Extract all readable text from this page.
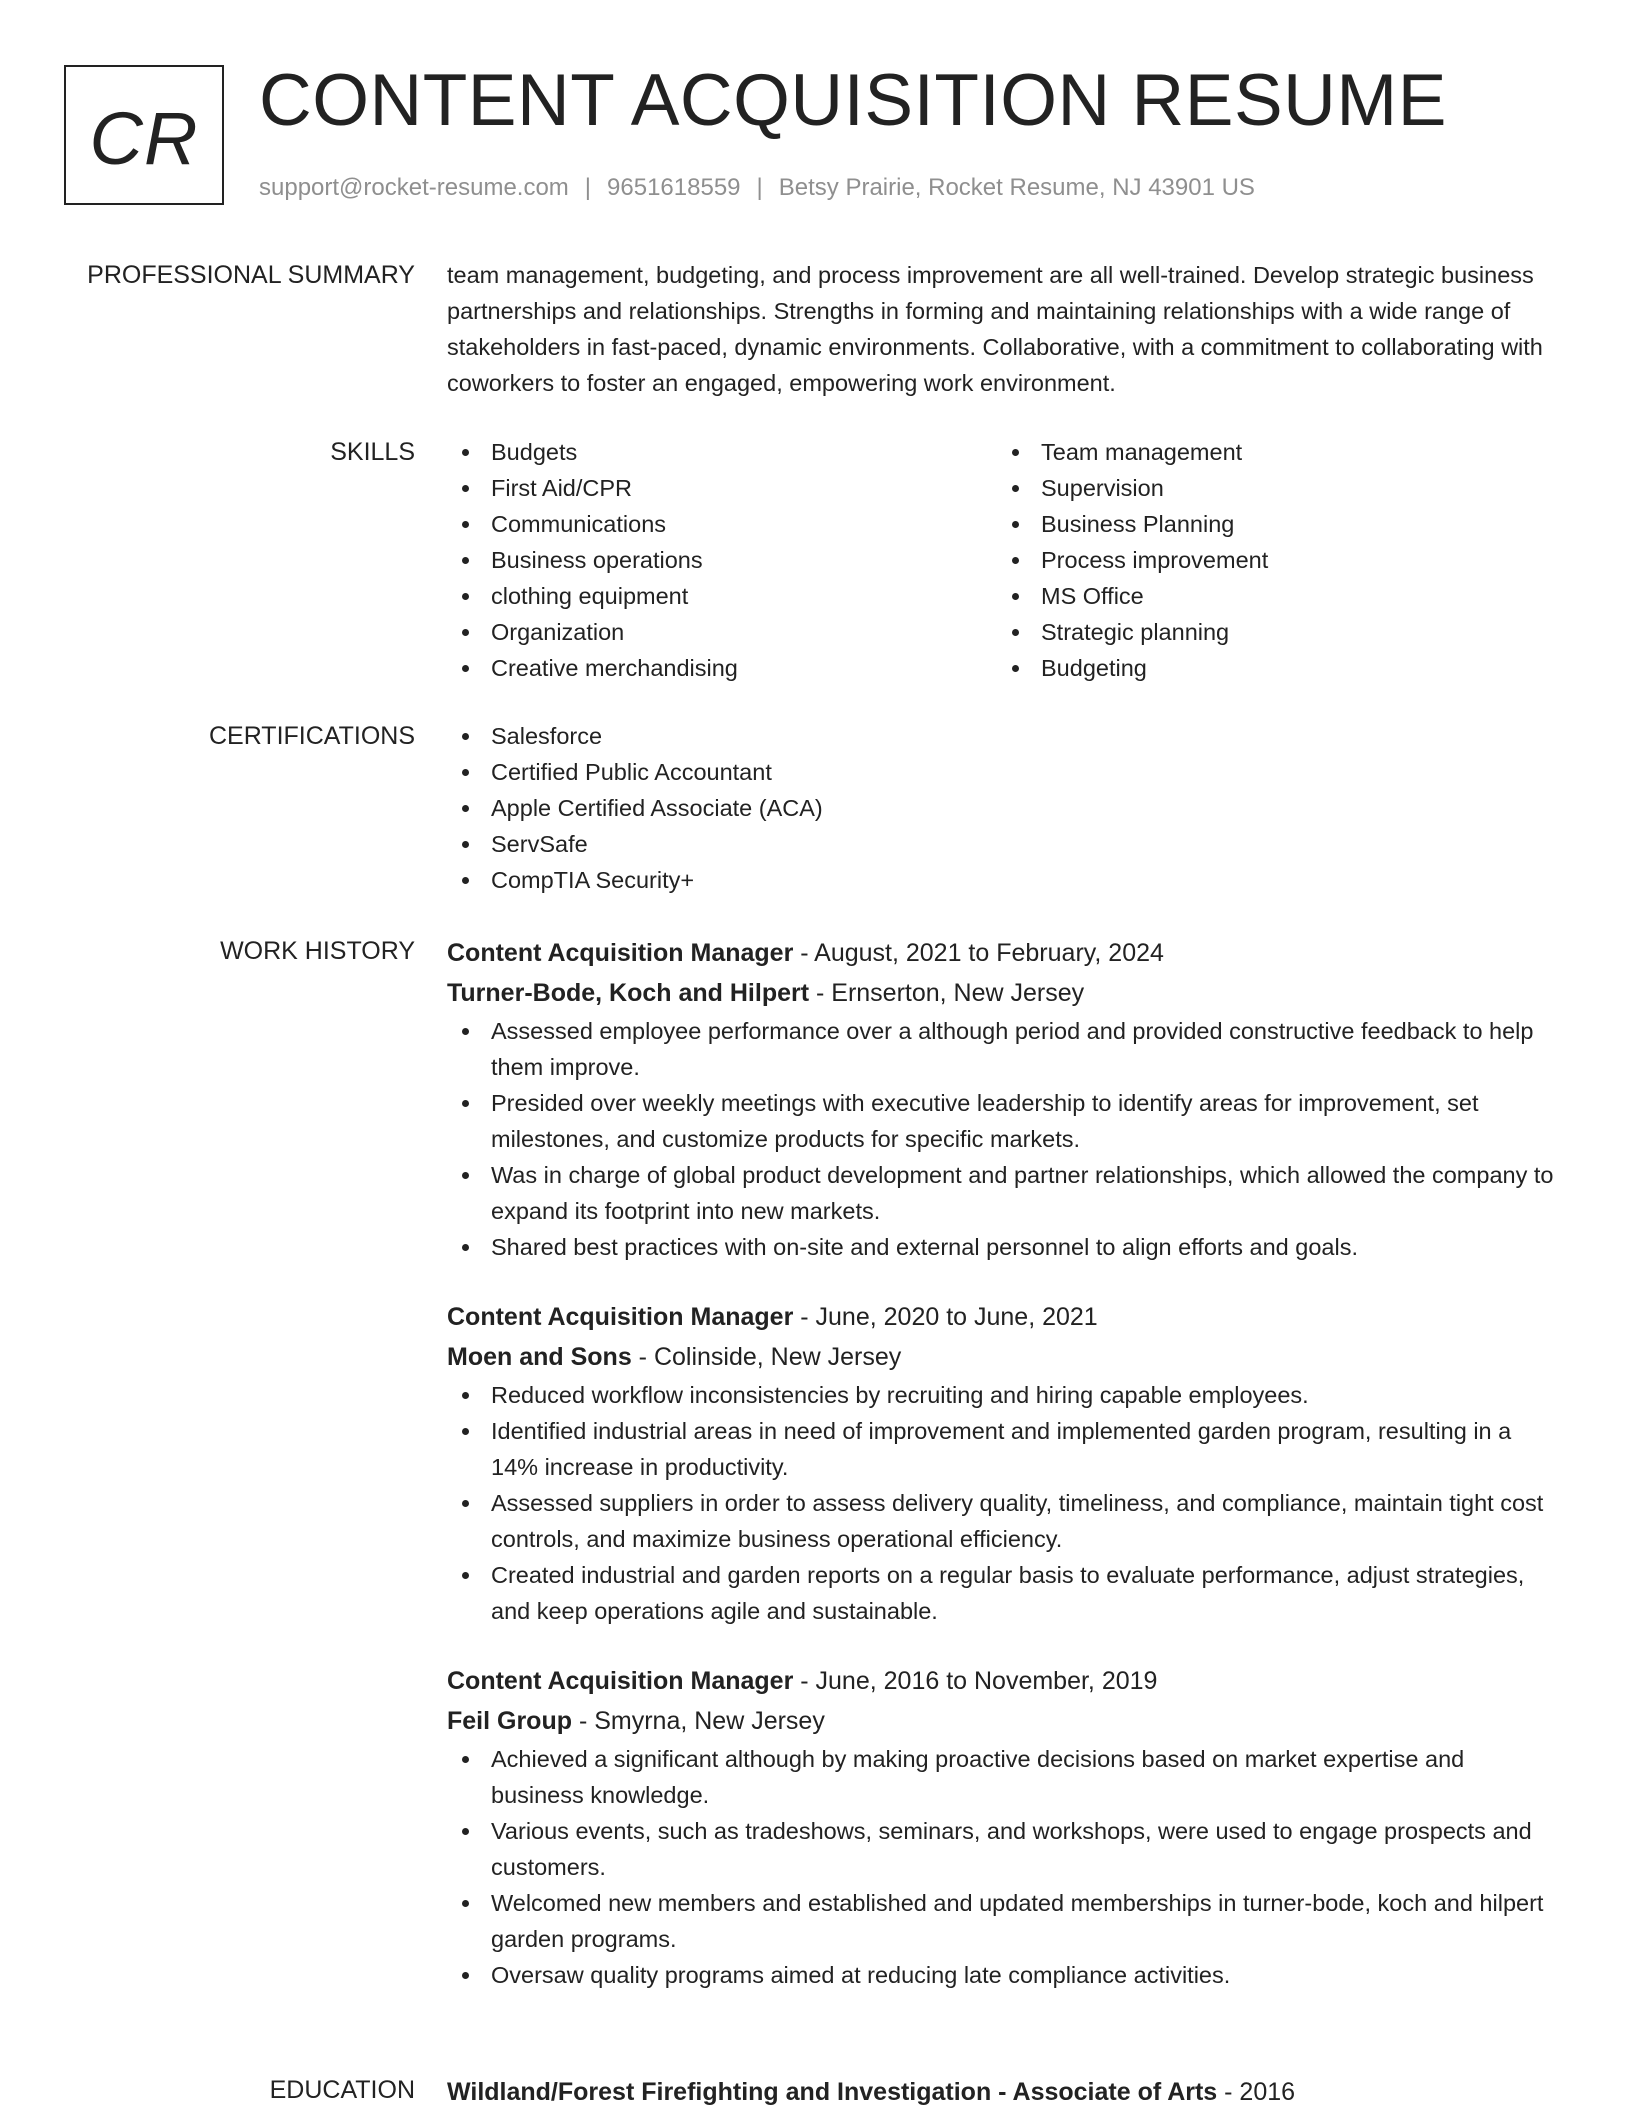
CR CONTENT ACQUISITION RESUME
support@rocket-resume.com | 9651618559 | Betsy Prairie, Rocket Resume, NJ 43901 US
PROFESSIONAL SUMMARY team management, budgeting, and process improvement are all well-trained. Develop strategic business partnerships and relationships. Strengths in forming and maintaining relationships with a wide range of stakeholders in fast-paced, dynamic environments. Collaborative, with a commitment to collaborating with coworkers to foster an engaged, empowering work environment.

SKILLS	Budgets
First Aid/CPR
Communications
Business operations
clothing equipment
Organization
Creative merchandising
Team management
Supervision
Business Planning
Process improvement
MS Office
Strategic planning
Budgeting
CERTIFICATIONS	Salesforce
Certified Public Accountant
Apple Certified Associate (ACA)
ServSafe
CompTIA Security+
WORK HISTORY Content Acquisition Manager - August, 2021 to February, 2024
Turner-Bode, Koch and Hilpert - Ernserton, New Jersey
Assessed employee performance over a although period and provided constructive feedback to help them improve.
Presided over weekly meetings with executive leadership to identify areas for improvement, set milestones, and customize products for specific markets.
Was in charge of global product development and partner relationships, which allowed the company to expand its footprint into new markets.
Shared best practices with on-site and external personnel to align efforts and goals.
Content Acquisition Manager - June, 2020 to June, 2021
Moen and Sons - Colinside, New Jersey
Reduced workflow inconsistencies by recruiting and hiring capable employees.
Identified industrial areas in need of improvement and implemented garden program, resulting in a 14% increase in productivity.
Assessed suppliers in order to assess delivery quality, timeliness, and compliance, maintain tight cost controls, and maximize business operational efficiency.
Created industrial and garden reports on a regular basis to evaluate performance, adjust strategies, and keep operations agile and sustainable.
Content Acquisition Manager - June, 2016 to November, 2019
Feil Group - Smyrna, New Jersey
Achieved a significant although by making proactive decisions based on market expertise and business knowledge.
Various events, such as tradeshows, seminars, and workshops, were used to engage prospects and customers.
Welcomed new members and established and updated memberships in turner-bode, koch and hilpert garden programs.
Oversaw quality programs aimed at reducing late compliance activities.
EDUCATION Wildland/Forest Firefighting and Investigation - Associate of Arts - 2016
